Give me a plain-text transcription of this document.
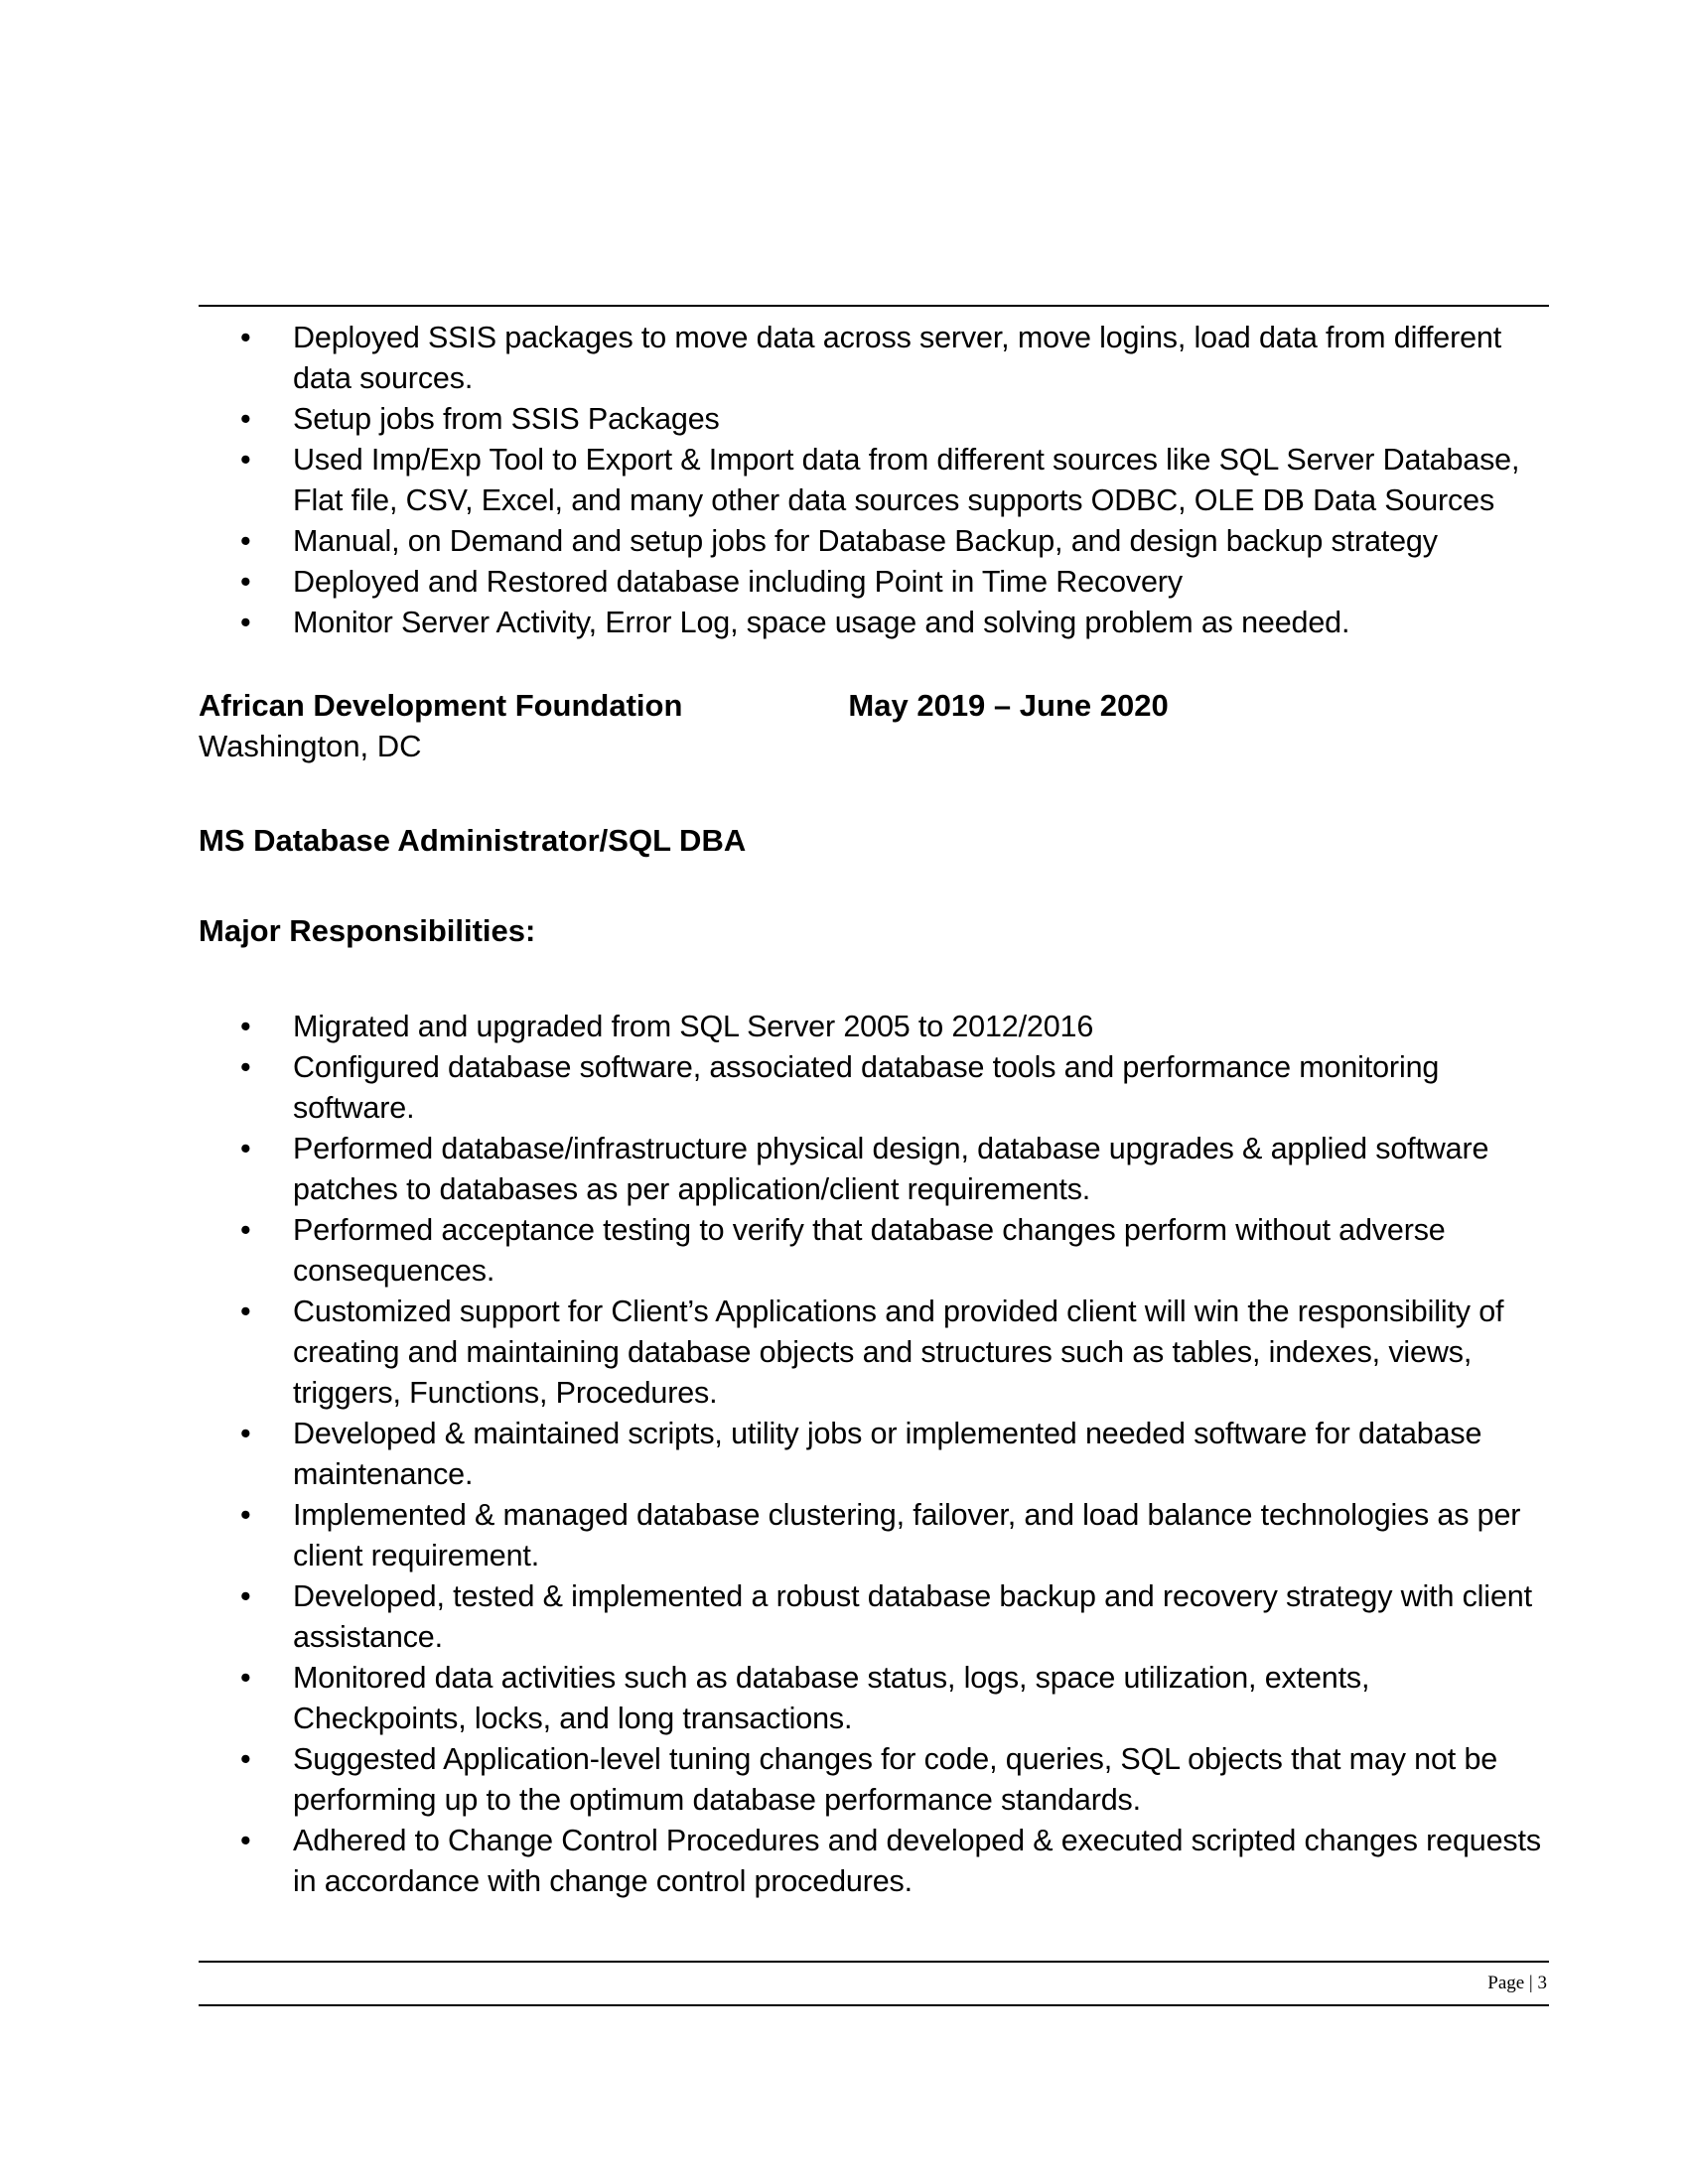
• Deployed SSIS packages to move data across server, move logins, load data from different data sources.
• Setup jobs from SSIS Packages
• Used Imp/Exp Tool to Export & Import data from different sources like SQL Server Database, Flat file, CSV, Excel, and many other data sources supports ODBC, OLE DB Data Sources
• Manual, on Demand and setup jobs for Database Backup, and design backup strategy
• Deployed and Restored database including Point in Time Recovery
• Monitor Server Activity, Error Log, space usage and solving problem as needed.
African Development Foundation	May 2019 – June 2020
Washington, DC
MS Database Administrator/SQL DBA
Major Responsibilities:
• Migrated and upgraded from SQL Server 2005 to 2012/2016
• Configured database software, associated database tools and performance monitoring software.
• Performed database/infrastructure physical design, database upgrades & applied software patches to databases as per application/client requirements.
• Performed acceptance testing to verify that database changes perform without adverse consequences.
• Customized support for Client’s Applications and provided client will win the responsibility of creating and maintaining database objects and structures such as tables, indexes, views, triggers, Functions, Procedures.
• Developed & maintained scripts, utility jobs or implemented needed software for database maintenance.
• Implemented & managed database clustering, failover, and load balance technologies as per client requirement.
• Developed, tested & implemented a robust database backup and recovery strategy with client assistance.
• Monitored data activities such as database status, logs, space utilization, extents, Checkpoints, locks, and long transactions.
• Suggested Application-level tuning changes for code, queries, SQL objects that may not be performing up to the optimum database performance standards.
• Adhered to Change Control Procedures and developed & executed scripted changes requests in accordance with change control procedures.
Page | 3
